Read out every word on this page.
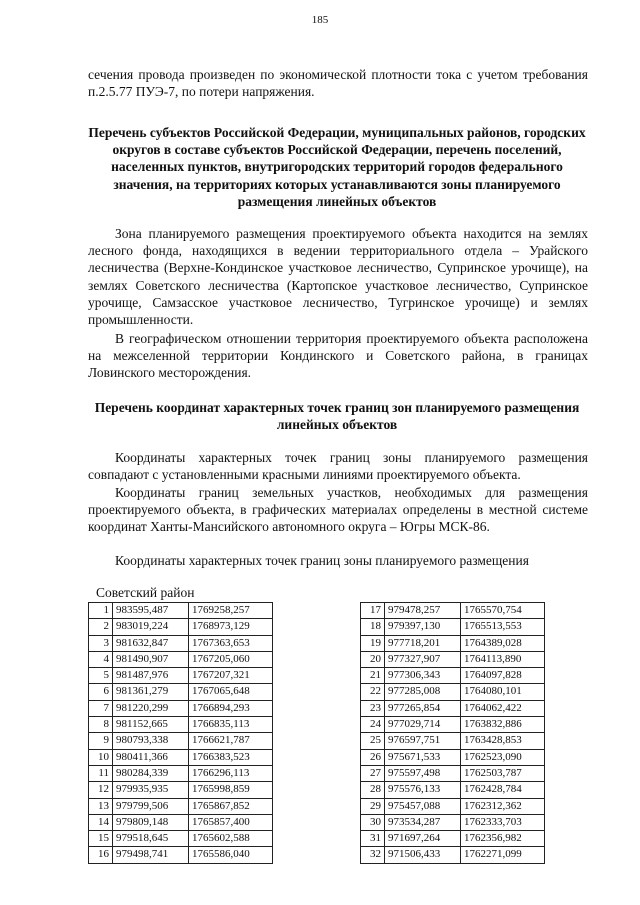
185

сечения провода произведен по экономической плотности тока с учетом требования п.2.5.77 ПУЭ-7, по потери напряжения.

Перечень субъектов Российской Федерации, муниципальных районов, городских округов в составе субъектов Российской Федерации, перечень поселений, населенных пунктов, внутригородских территорий городов федерального значения, на территориях которых устанавливаются зоны планируемого размещения линейных объектов

Зона планируемого размещения проектируемого объекта находится на землях лесного фонда, находящихся в ведении территориального отдела – Урайского лесничества (Верхне-Кондинское участковое лесничество, Супринское урочище), на землях Советского лесничества (Картопское участковое лесничество, Супринское урочище, Самзасское участковое лесничество, Тугринское урочище) и землях промышленности.

В географическом отношении территория проектируемого объекта расположена на межселенной территории Кондинского и Советского района, в границах Ловинского месторождения.

Перечень координат характерных точек границ зон планируемого размещения линейных объектов

Координаты характерных точек границ зоны планируемого размещения совпадают с установленными красными линиями проектируемого объекта.

Координаты границ земельных участков, необходимых для размещения проектируемого объекта, в графических материалах определены в местной системе координат Ханты-Мансийского автономного округа – Югры МСК-86.

Координаты характерных точек границ зоны планируемого размещения

Советский район

1	983595,487	1769258,257
2	983019,224	1768973,129
3	981632,847	1767363,653
4	981490,907	1767205,060
5	981487,976	1767207,321
6	981361,279	1767065,648
7	981220,299	1766894,293
8	981152,665	1766835,113
9	980793,338	1766621,787
10	980411,366	1766383,523
11	980284,339	1766296,113
12	979935,935	1765998,859
13	979799,506	1765867,852
14	979809,148	1765857,400
15	979518,645	1765602,588
16	979498,741	1765586,040
17	979478,257	1765570,754
18	979397,130	1765513,553
19	977718,201	1764389,028
20	977327,907	1764113,890
21	977306,343	1764097,828
22	977285,008	1764080,101
23	977265,854	1764062,422
24	977029,714	1763832,886
25	976597,751	1763428,853
26	975671,533	1762523,090
27	975597,498	1762503,787
28	975576,133	1762428,784
29	975457,088	1762312,362
30	973534,287	1762333,703
31	971697,264	1762356,982
32	971506,433	1762271,099
